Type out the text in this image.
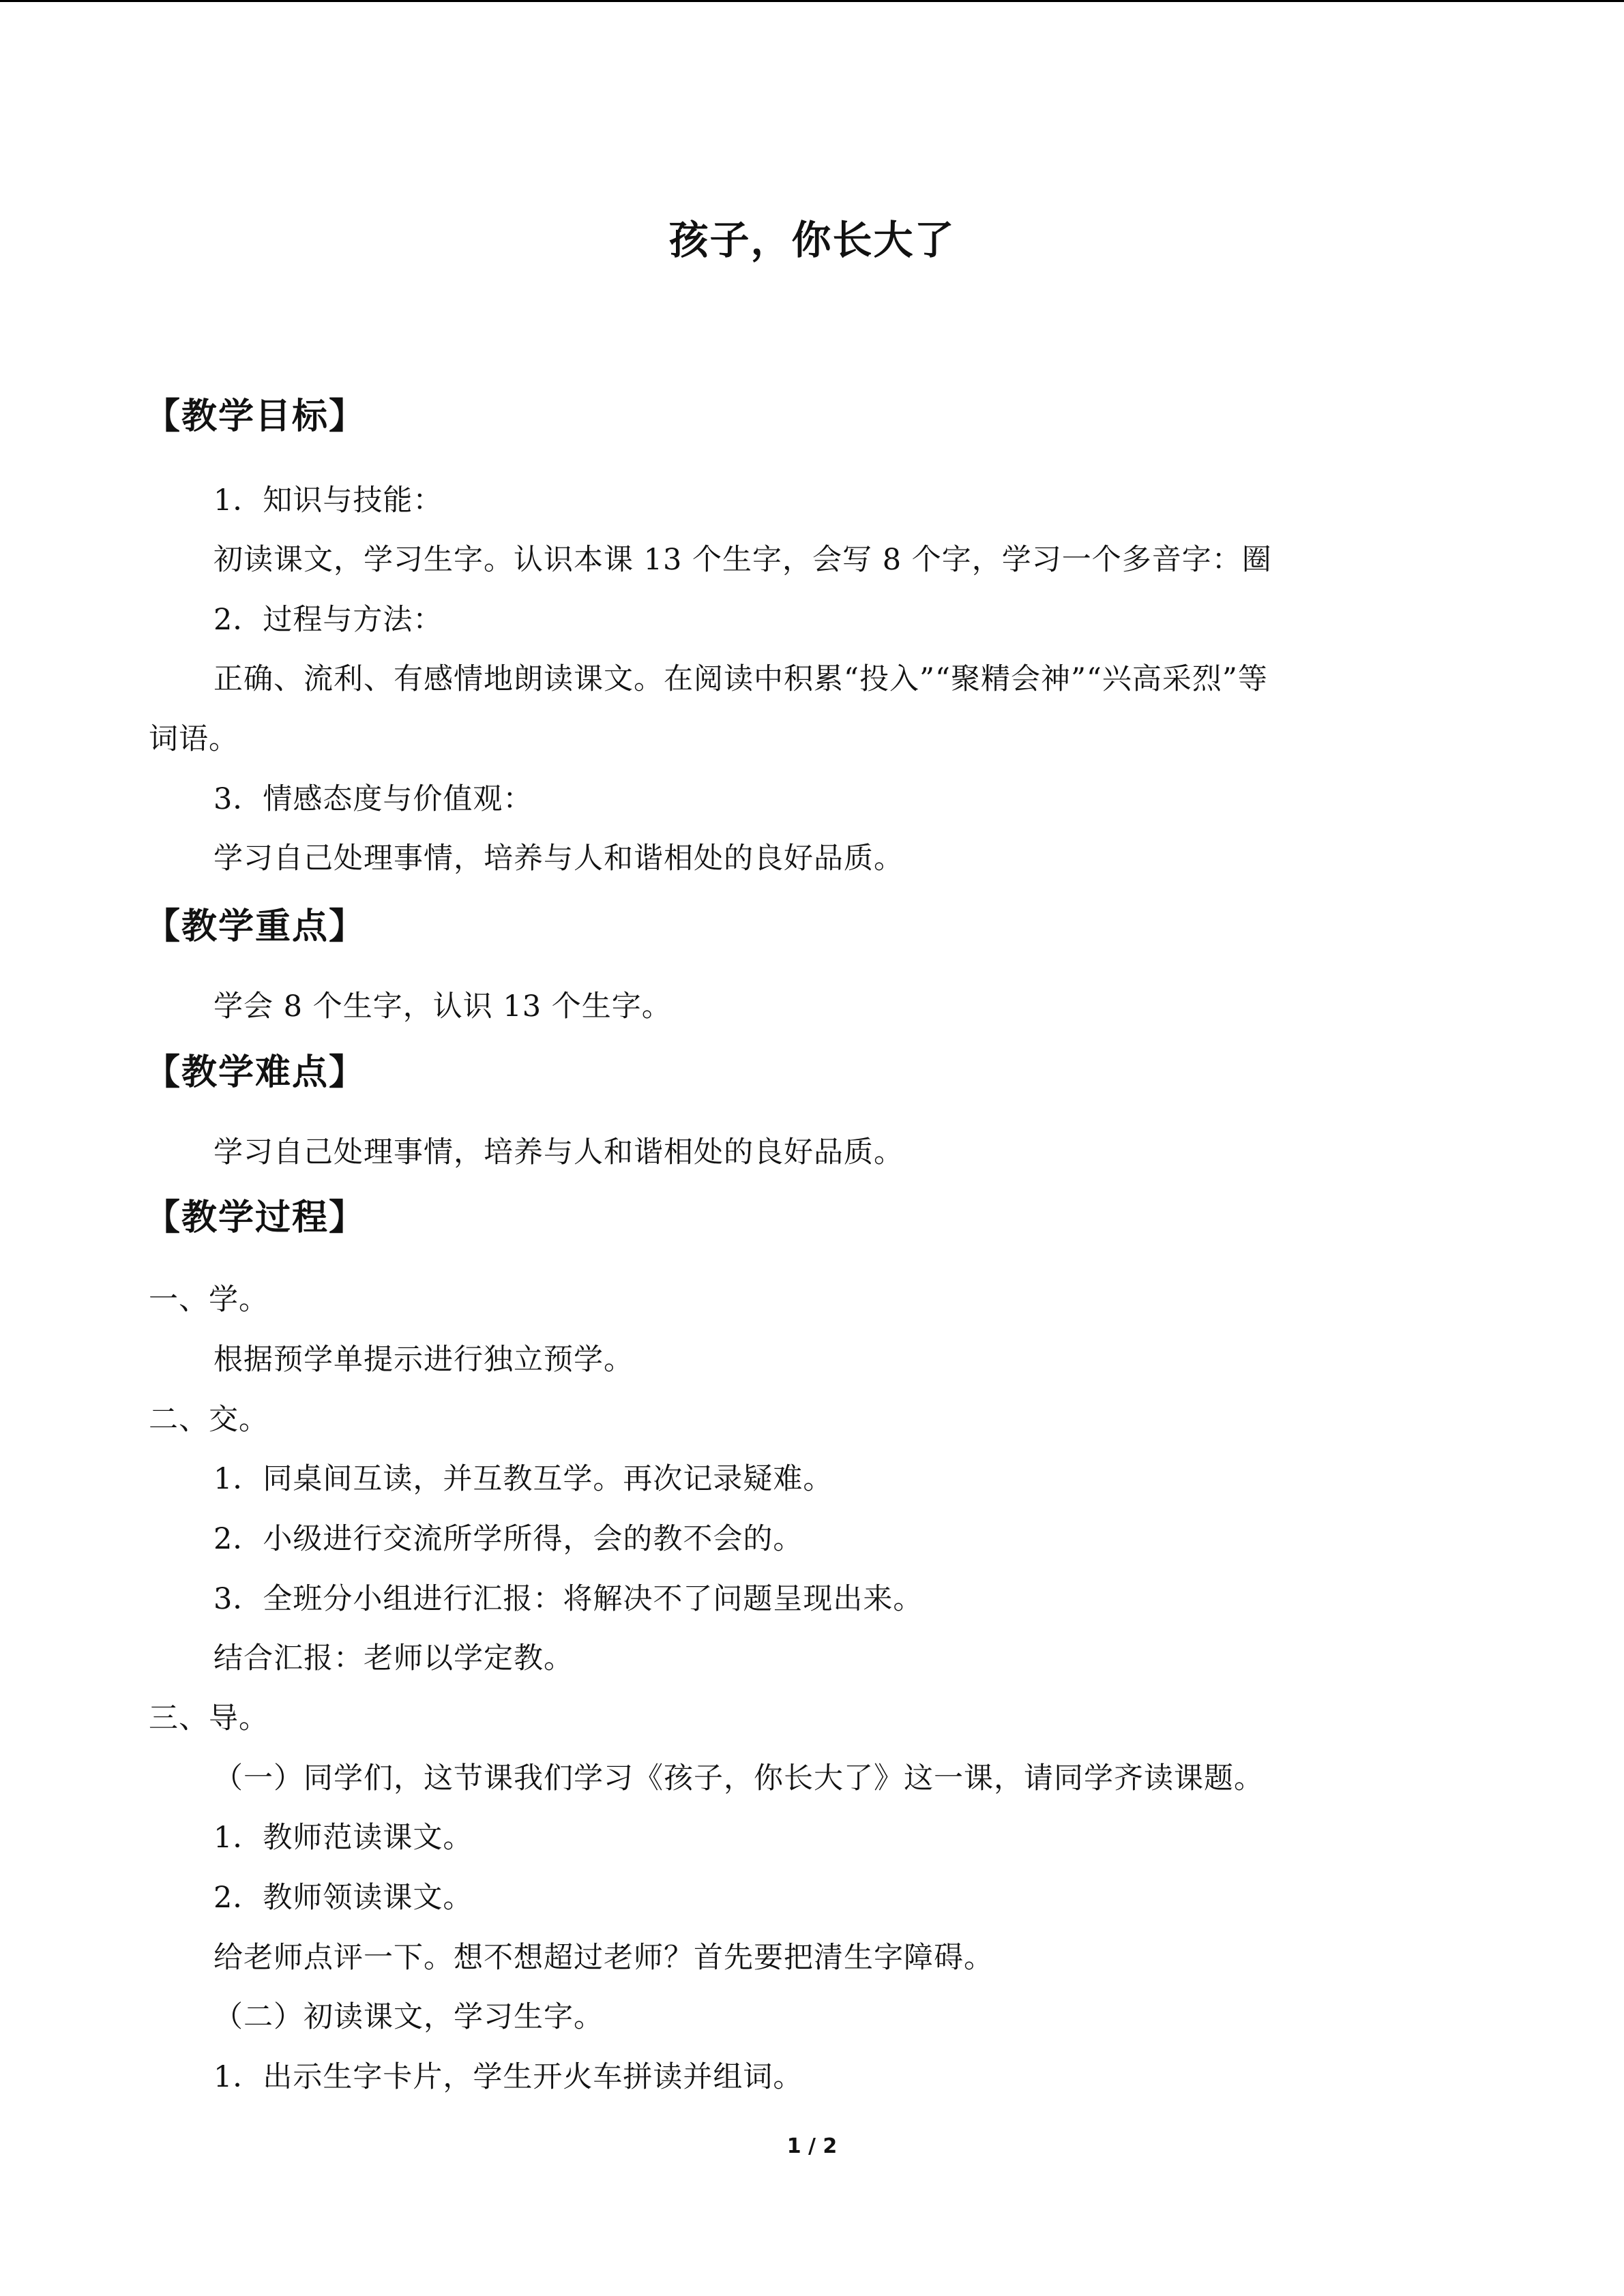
孩子，你长大了
【教学目标】
1．知识与技能：
初读课文，学习生字。认识本课 13 个生字，会写 8 个字，学习一个多音字：圈
2．过程与方法：
正确、流利、有感情地朗读课文。在阅读中积累“投入”“聚精会神”“兴高采烈”等
词语。
3．情感态度与价值观：
学习自己处理事情，培养与人和谐相处的良好品质。
【教学重点】
学会 8 个生字，认识 13 个生字。
【教学难点】
学习自己处理事情，培养与人和谐相处的良好品质。
【教学过程】
一、学。
根据预学单提示进行独立预学。
二、交。
1．同桌间互读，并互教互学。再次记录疑难。
2．小级进行交流所学所得，会的教不会的。
3．全班分小组进行汇报：将解决不了问题呈现出来。
结合汇报：老师以学定教。
三、导。
（一）同学们，这节课我们学习《孩子，你长大了》这一课，请同学齐读课题。
1．教师范读课文。
2．教师领读课文。
给老师点评一下。想不想超过老师？首先要把清生字障碍。
（二）初读课文，学习生字。
1．出示生字卡片，学生开火车拼读并组词。
1 / 2
